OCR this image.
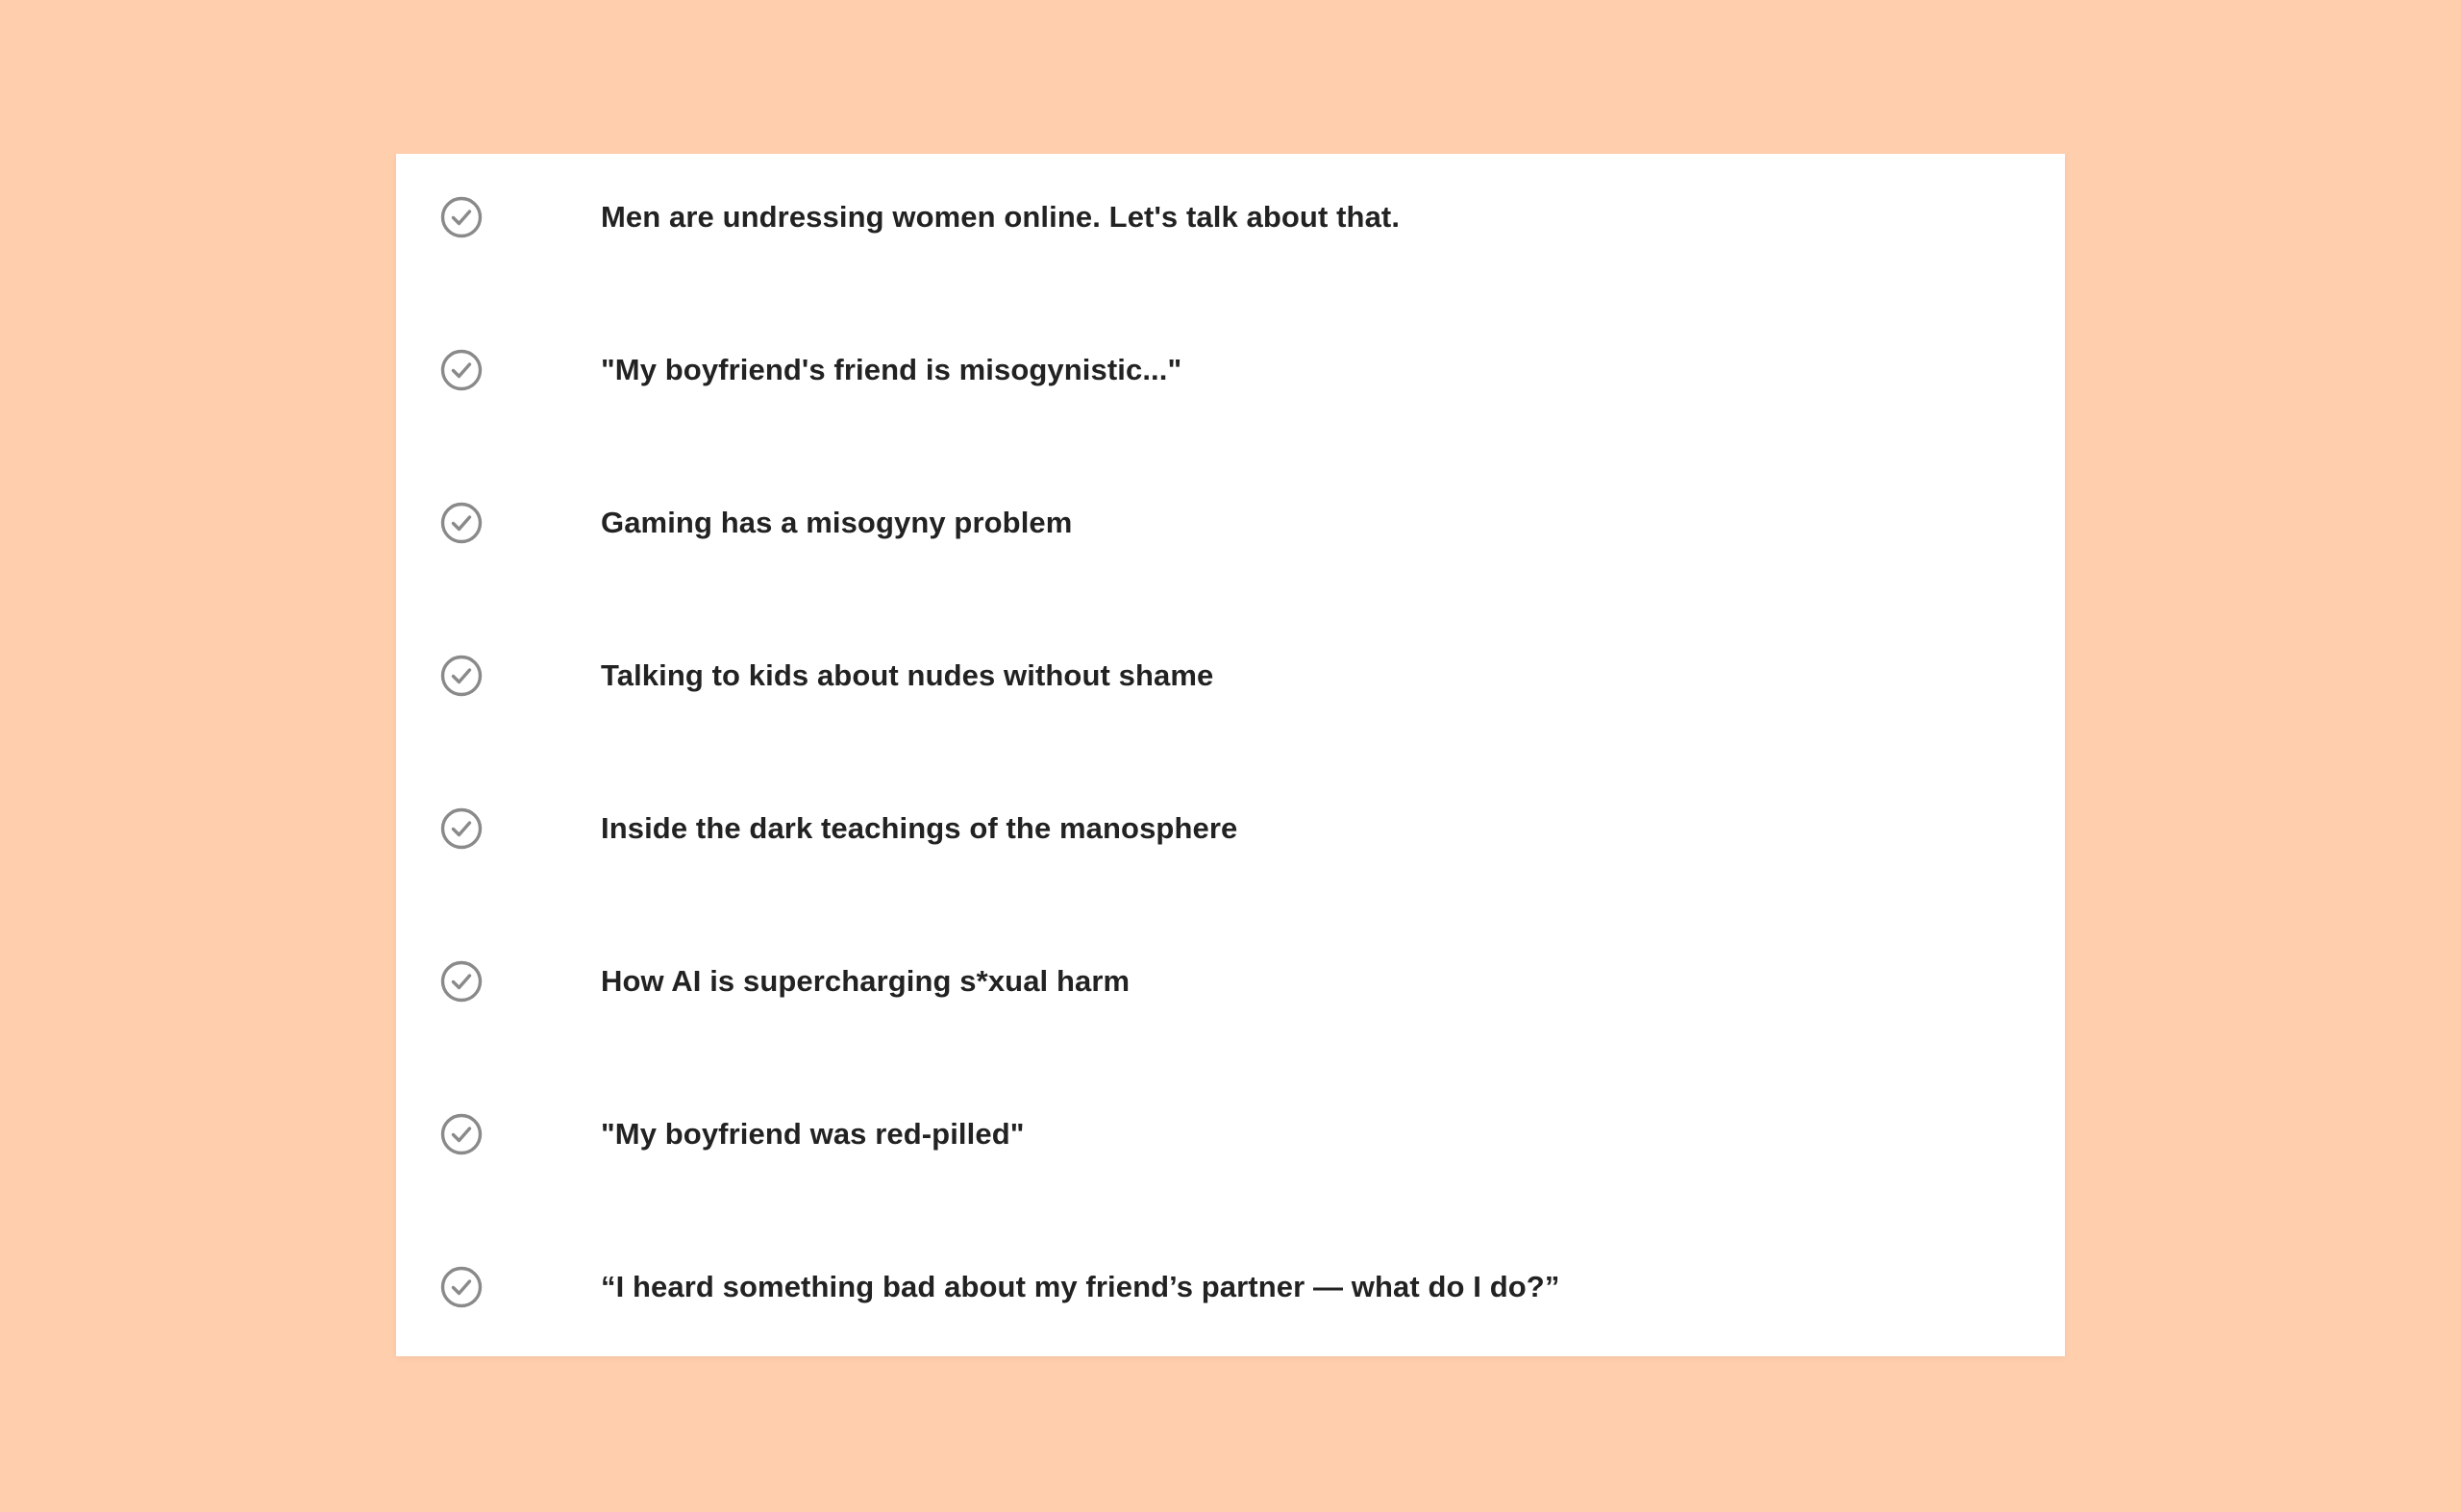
Men are undressing women online. Let's talk about that.
"My boyfriend's friend is misogynistic..."
Gaming has a misogyny problem
Talking to kids about nudes without shame
Inside the dark teachings of the manosphere
How AI is supercharging s*xual harm
"My boyfriend was red-pilled"
“I heard something bad about my friend’s partner — what do I do?”
